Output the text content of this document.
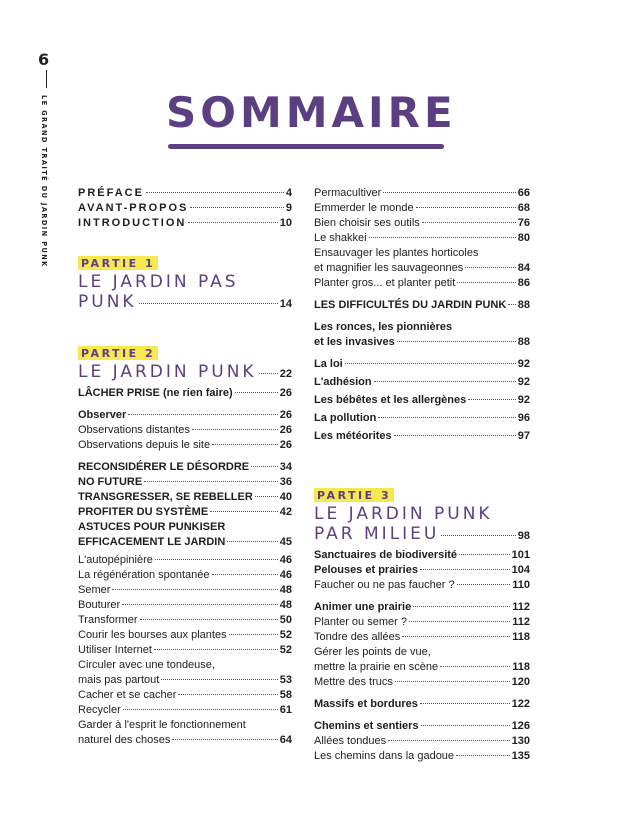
6
LE GRAND TRAITÉ DU JARDIN PUNK	SOMMAIRE
PRÉFACE	4
AVANT-PROPOS	9
INTRODUCTION	10
PARTIE 1
LE JARDIN PAS
PUNK	14
PARTIE 2
LE JARDIN PUNK 22
LÂCHER PRISE (ne rien faire)	26
Observer	26
Observations distantes	26
Observations depuis le site	26
RECONSIDÉRER LE DÉSORDRE	34
NO FUTURE	36
TRANSGRESSER, SE REBELLER 40
PROFITER DU SYSTÈME	42
ASTUCES POUR PUNKISER
EFFICACEMENT LE JARDIN	45
L'autopépinière	46
La régénération spontanée	46
Semer	48
Bouturer	48
Transformer	50
Courir les bourses aux plantes	52
Utiliser Internet	52
Circuler avec une tondeuse,
mais pas partout	53
Cacher et se cacher	58
Recycler	61
Garder à l'esprit le fonctionnement
naturel des choses	64
Permacultiver	66
Emmerder le monde	68
Bien choisir ses outils	76
Le shakkei	80
Ensauvager les plantes horticoles
et magnifier les sauvageonnes	84
Planter gros... et planter petit	86
LES DIFFICULTÉS DU JARDIN PUNK 88
Les ronces, les pionnières
et les invasives	88
La loi	92
L'adhésion	92
Les bébêtes et les allergènes	92
La pollution	96
Les météorites	97
PARTIE 3
LE JARDIN PUNK
PAR MILIEU	98
Sanctuaires de biodiversité	101
Pelouses et prairies	104
Faucher ou ne pas faucher ?	110
Animer une prairie	112
Planter ou semer ?	112
Tondre des allées	118
Gérer les points de vue,
mettre la prairie en scène	118
Mettre des trucs	120
Massifs et bordures	122
Chemins et sentiers	126
Allées tondues	130
Les chemins dans la gadoue	135
